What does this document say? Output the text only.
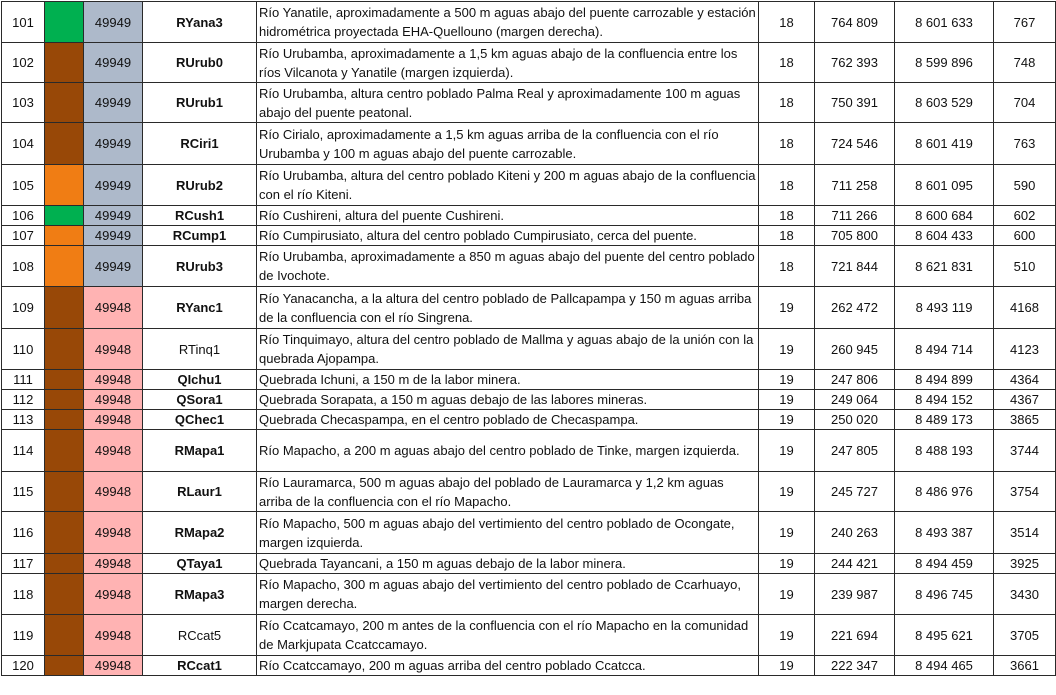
101		49949	RYana3	Río Yanatile, aproximadamente a 500 m aguas abajo del puente carrozable y estación hidrométrica proyectada EHA-Quellouno (margen derecha).	18	764 809	8 601 633	767
102		49949	RUrub0	Río Urubamba, aproximadamente a 1,5 km aguas abajo de la confluencia entre los ríos Vilcanota y Yanatile (margen izquierda).	18	762 393	8 599 896	748
103		49949	RUrub1	Río Urubamba, altura centro poblado Palma Real y aproximadamente 100 m aguas abajo del puente peatonal.	18	750 391	8 603 529	704
104		49949	RCiri1	Río Cirialo, aproximadamente a 1,5 km aguas arriba de la confluencia con el río Urubamba y 100 m aguas abajo del puente carrozable.	18	724 546	8 601 419	763
105		49949	RUrub2	Río Urubamba, altura del centro poblado Kiteni y 200 m aguas abajo de la confluencia con el río Kiteni.	18	711 258	8 601 095	590
106		49949	RCush1	Río Cushireni, altura del puente Cushireni.	18	711 266	8 600 684	602
107		49949	RCump1	Río Cumpirusiato, altura del centro poblado Cumpirusiato, cerca del puente.	18	705 800	8 604 433	600
108		49949	RUrub3	Río Urubamba, aproximadamente a 850 m aguas abajo del puente del centro poblado de Ivochote.	18	721 844	8 621 831	510
109		49948	RYanc1	Río Yanacancha, a la altura del centro poblado de Pallcapampa y 150 m aguas arriba de la confluencia con el río Singrena.	19	262 472	8 493 119	4168
110		49948	RTinq1	Río Tinquimayo, altura del centro poblado de Mallma y aguas abajo de la unión con la quebrada Ajopampa.	19	260 945	8 494 714	4123
111		49948	QIchu1	Quebrada Ichuni, a 150 m de la labor minera.	19	247 806	8 494 899	4364
112		49948	QSora1	Quebrada Sorapata, a 150 m aguas debajo de las labores mineras.	19	249 064	8 494 152	4367
113		49948	QChec1	Quebrada Checaspampa, en el centro poblado de Checaspampa.	19	250 020	8 489 173	3865
114		49948	RMapa1	Río Mapacho, a 200 m aguas abajo del centro poblado de Tinke, margen izquierda.	19	247 805	8 488 193	3744
115		49948	RLaur1	Río Lauramarca, 500 m aguas abajo del poblado de Lauramarca y 1,2 km aguas arriba de la confluencia con el río Mapacho.	19	245 727	8 486 976	3754
116		49948	RMapa2	Río Mapacho, 500 m aguas abajo del vertimiento del centro poblado de Ocongate, margen izquierda.	19	240 263	8 493 387	3514
117		49948	QTaya1	Quebrada Tayancani, a 150 m aguas debajo de la labor minera.	19	244 421	8 494 459	3925
118		49948	RMapa3	Río Mapacho, 300 m aguas abajo del vertimiento del centro poblado de Ccarhuayo, margen derecha.	19	239 987	8 496 745	3430
119		49948	RCcat5	Río Ccatcamayo, 200 m antes de la confluencia con el río Mapacho en la comunidad de Markjupata Ccatccamayo.	19	221 694	8 495 621	3705
120		49948	RCcat1	Río Ccatccamayo, 200 m aguas arriba del centro poblado Ccatcca.	19	222 347	8 494 465	3661
